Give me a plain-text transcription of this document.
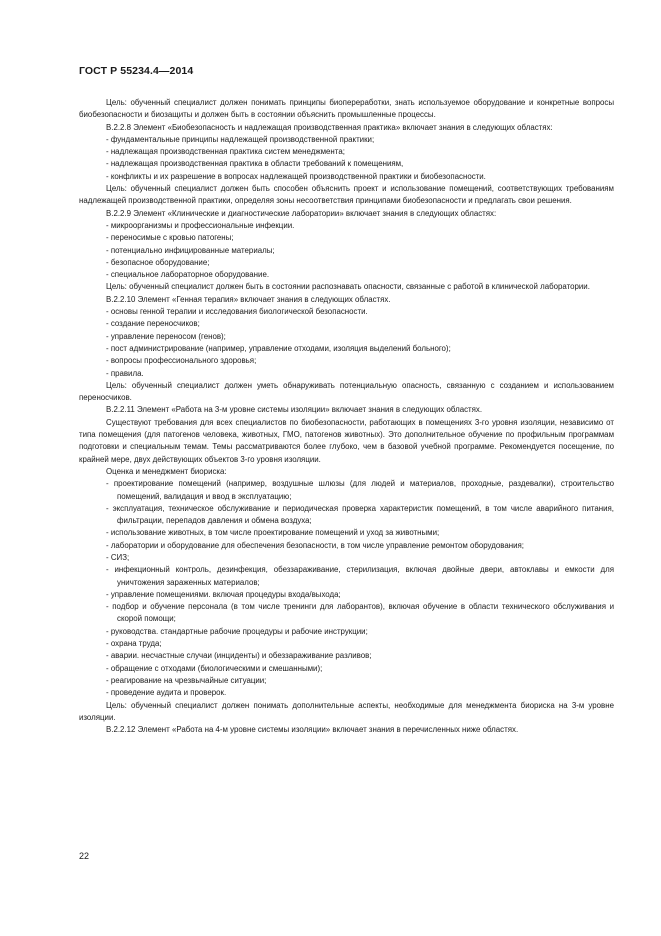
ГОСТ Р 55234.4—2014

Цель: обученный специалист должен понимать принципы биопереработки, знать используемое оборудование и конкретные вопросы биобезопасности и биозащиты и должен быть в состоянии объяснить промышленные процессы.

В.2.2.8 Элемент «Биобезопасность и надлежащая производственная практика» включает знания в следующих областях:

- фундаментальные принципы надлежащей производственной практики;

- надлежащая производственная практика систем менеджмента;

- надлежащая производственная практика в области требований к помещениям,

- конфликты и их разрешение в вопросах надлежащей производственной практики и биобезопасности.

Цель: обученный специалист должен быть способен объяснить проект и использование помещений, соответствующих требованиям надлежащей производственной практики, определяя зоны несоответствия принципами биобезопасности и предлагать свои решения.

В.2.2.9 Элемент «Клинические и диагностические лаборатории» включает знания в следующих областях:

- микроорганизмы и профессиональные инфекции.

- переносимые с кровью патогены;

- потенциально инфицированные материалы;

- безопасное оборудование;

- специальное лабораторное оборудование.

Цель: обученный специалист должен быть в состоянии распознавать опасности, связанные с работой в клинической лаборатории.

В.2.2.10 Элемент «Генная терапия» включает знания в следующих областях.

- основы генной терапии и исследования биологической безопасности.

- создание переносчиков;

- управление переносом (генов);

- пост администрирование (например, управление отходами, изоляция выделений больного);

- вопросы профессионального здоровья;

- правила.

Цель: обученный специалист должен уметь обнаруживать потенциальную опасность, связанную с созданием и использованием переносчиков.

В.2.2.11 Элемент «Работа на 3-м уровне системы изоляции» включает знания в следующих областях.

Существуют требования для всех специалистов по биобезопасности, работающих в помещениях 3-го уровня изоляции, независимо от типа помещения (для патогенов человека, животных, ГМО, патогенов животных). Это дополнительное обучение по профильным программам подготовки и специальным темам. Темы рассматриваются более глубоко, чем в базовой учебной программе. Рекомендуется посещение, по крайней мере, двух действующих объектов 3-го уровня изоляции.

Оценка и менеджмент биориска:

- проектирование помещений (например, воздушные шлюзы (для людей и материалов, проходные, раздевалки), строительство помещений, валидация и ввод в эксплуатацию;

- эксплуатация, техническое обслуживание и периодическая проверка характеристик помещений, в том числе аварийного питания, фильтрации, перепадов давления и обмена воздуха;

- использование животных, в том числе проектирование помещений и уход за животными;

- лаборатории и оборудование для обеспечения безопасности, в том числе управление ремонтом оборудования;

- СИЗ;

- инфекционный контроль, дезинфекция, обеззараживание, стерилизация, включая двойные двери, автоклавы и емкости для уничтожения зараженных материалов;

- управление помещениями. включая процедуры входа/выхода;

- подбор и обучение персонала (в том числе тренинги для лаборантов), включая обучение в области технического обслуживания и скорой помощи;

- руководства. стандартные рабочие процедуры и рабочие инструкции;

- охрана труда;

- аварии. несчастные случаи (инциденты) и обеззараживание разливов;

- обращение с отходами (биологическими и смешанными);

- реагирование на чрезвычайные ситуации;

- проведение аудита и проверок.

Цель: обученный специалист должен понимать дополнительные аспекты, необходимые для менеджмента биориска на 3-м уровне изоляции.

В.2.2.12 Элемент «Работа на 4-м уровне системы изоляции» включает знания в перечисленных ниже областях.

22
